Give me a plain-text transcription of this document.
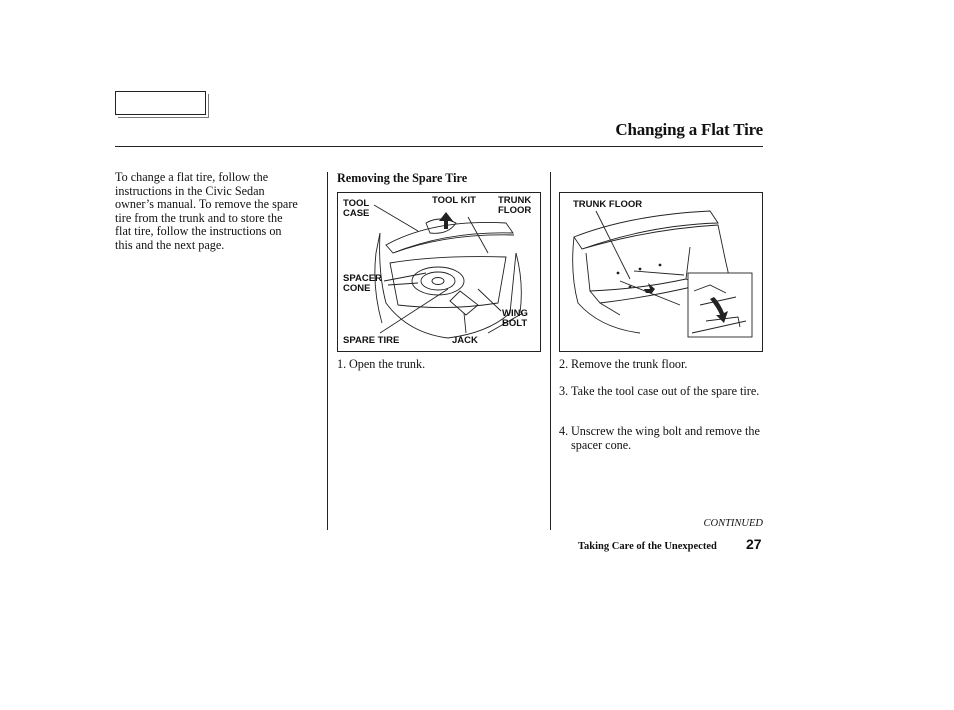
Changing a Flat Tire
To change a flat tire, follow the instructions in the Civic Sedan owner’s manual. To remove the spare tire from the trunk and to store the flat tire, follow the instructions on this and the next page.
Removing the Spare Tire
TOOL
CASE
TOOL KIT TRUNK
FLOOR
SPACER
CONE
WING
BOLT
SPARE TIRE	JACK
TRUNK FLOOR
1. Open the trunk.	2. Remove the trunk floor.
3. Take the tool case out of the spare tire.
4. Unscrew the wing bolt and remove the spacer cone.
CONTINUED
Taking Care of the Unexpected 27
